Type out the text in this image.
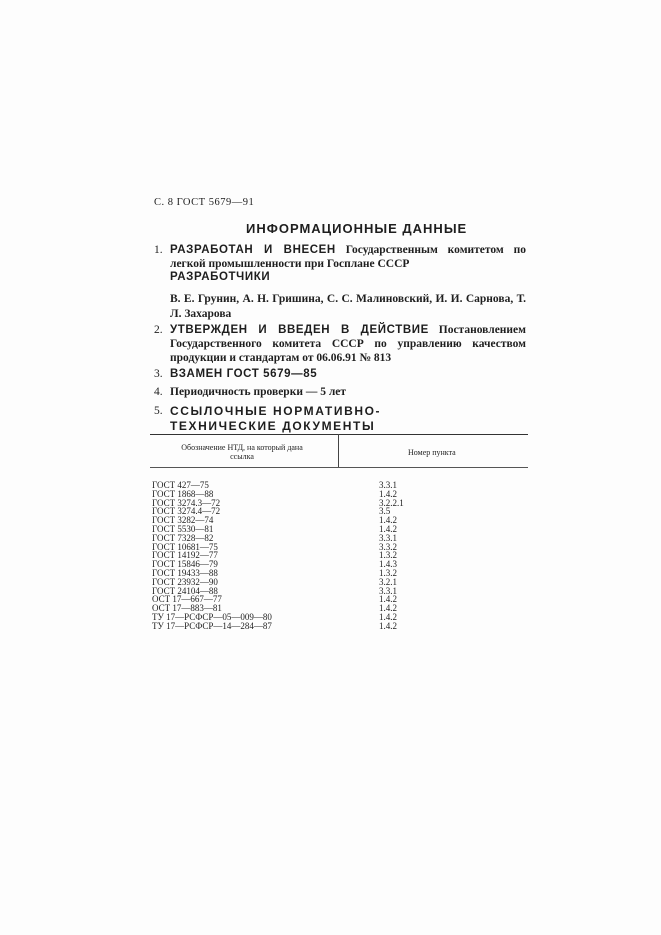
С. 8 ГОСТ 5679—91
ИНФОРМАЦИОННЫЕ ДАННЫЕ
1. РАЗРАБОТАН И ВНЕСЕН Государственным комитетом по легкой промышленности при Госплане СССР
РАЗРАБОТЧИКИ
В. Е. Грунин, А. Н. Гришина, С. С. Малиновский, И. И. Сарнова, Т. Л. Захарова
2. УТВЕРЖДЕН И ВВЕДЕН В ДЕЙСТВИЕ Постановлением Государственного комитета СССР по управлению качеством продукции и стандартам от 06.06.91 № 813
3. ВЗАМЕН ГОСТ 5679—85
4. Периодичность проверки — 5 лет
5. ССЫЛОЧНЫЕ НОРМАТИВНО-ТЕХНИЧЕСКИЕ ДОКУМЕНТЫ
Обозначение НТД, на который дана ссылка	Номер пункта
ГОСТ 427—75	3.3.1
ГОСТ 1868—88	1.4.2
ГОСТ 3274.3—72	3.2.2.1
ГОСТ 3274.4—72	3.5
ГОСТ 3282—74	1.4.2
ГОСТ 5530—81	1.4.2
ГОСТ 7328—82	3.3.1
ГОСТ 10681—75	3.3.2
ГОСТ 14192—77	1.3.2
ГОСТ 15846—79	1.4.3
ГОСТ 19433—88	1.3.2
ГОСТ 23932—90	3.2.1
ГОСТ 24104—88	3.3.1
ОСТ 17—667—77	1.4.2
ОСТ 17—883—81	1.4.2
ТУ 17—РСФСР—05—009—80	1.4.2
ТУ 17—РСФСР—14—284—87	1.4.2
